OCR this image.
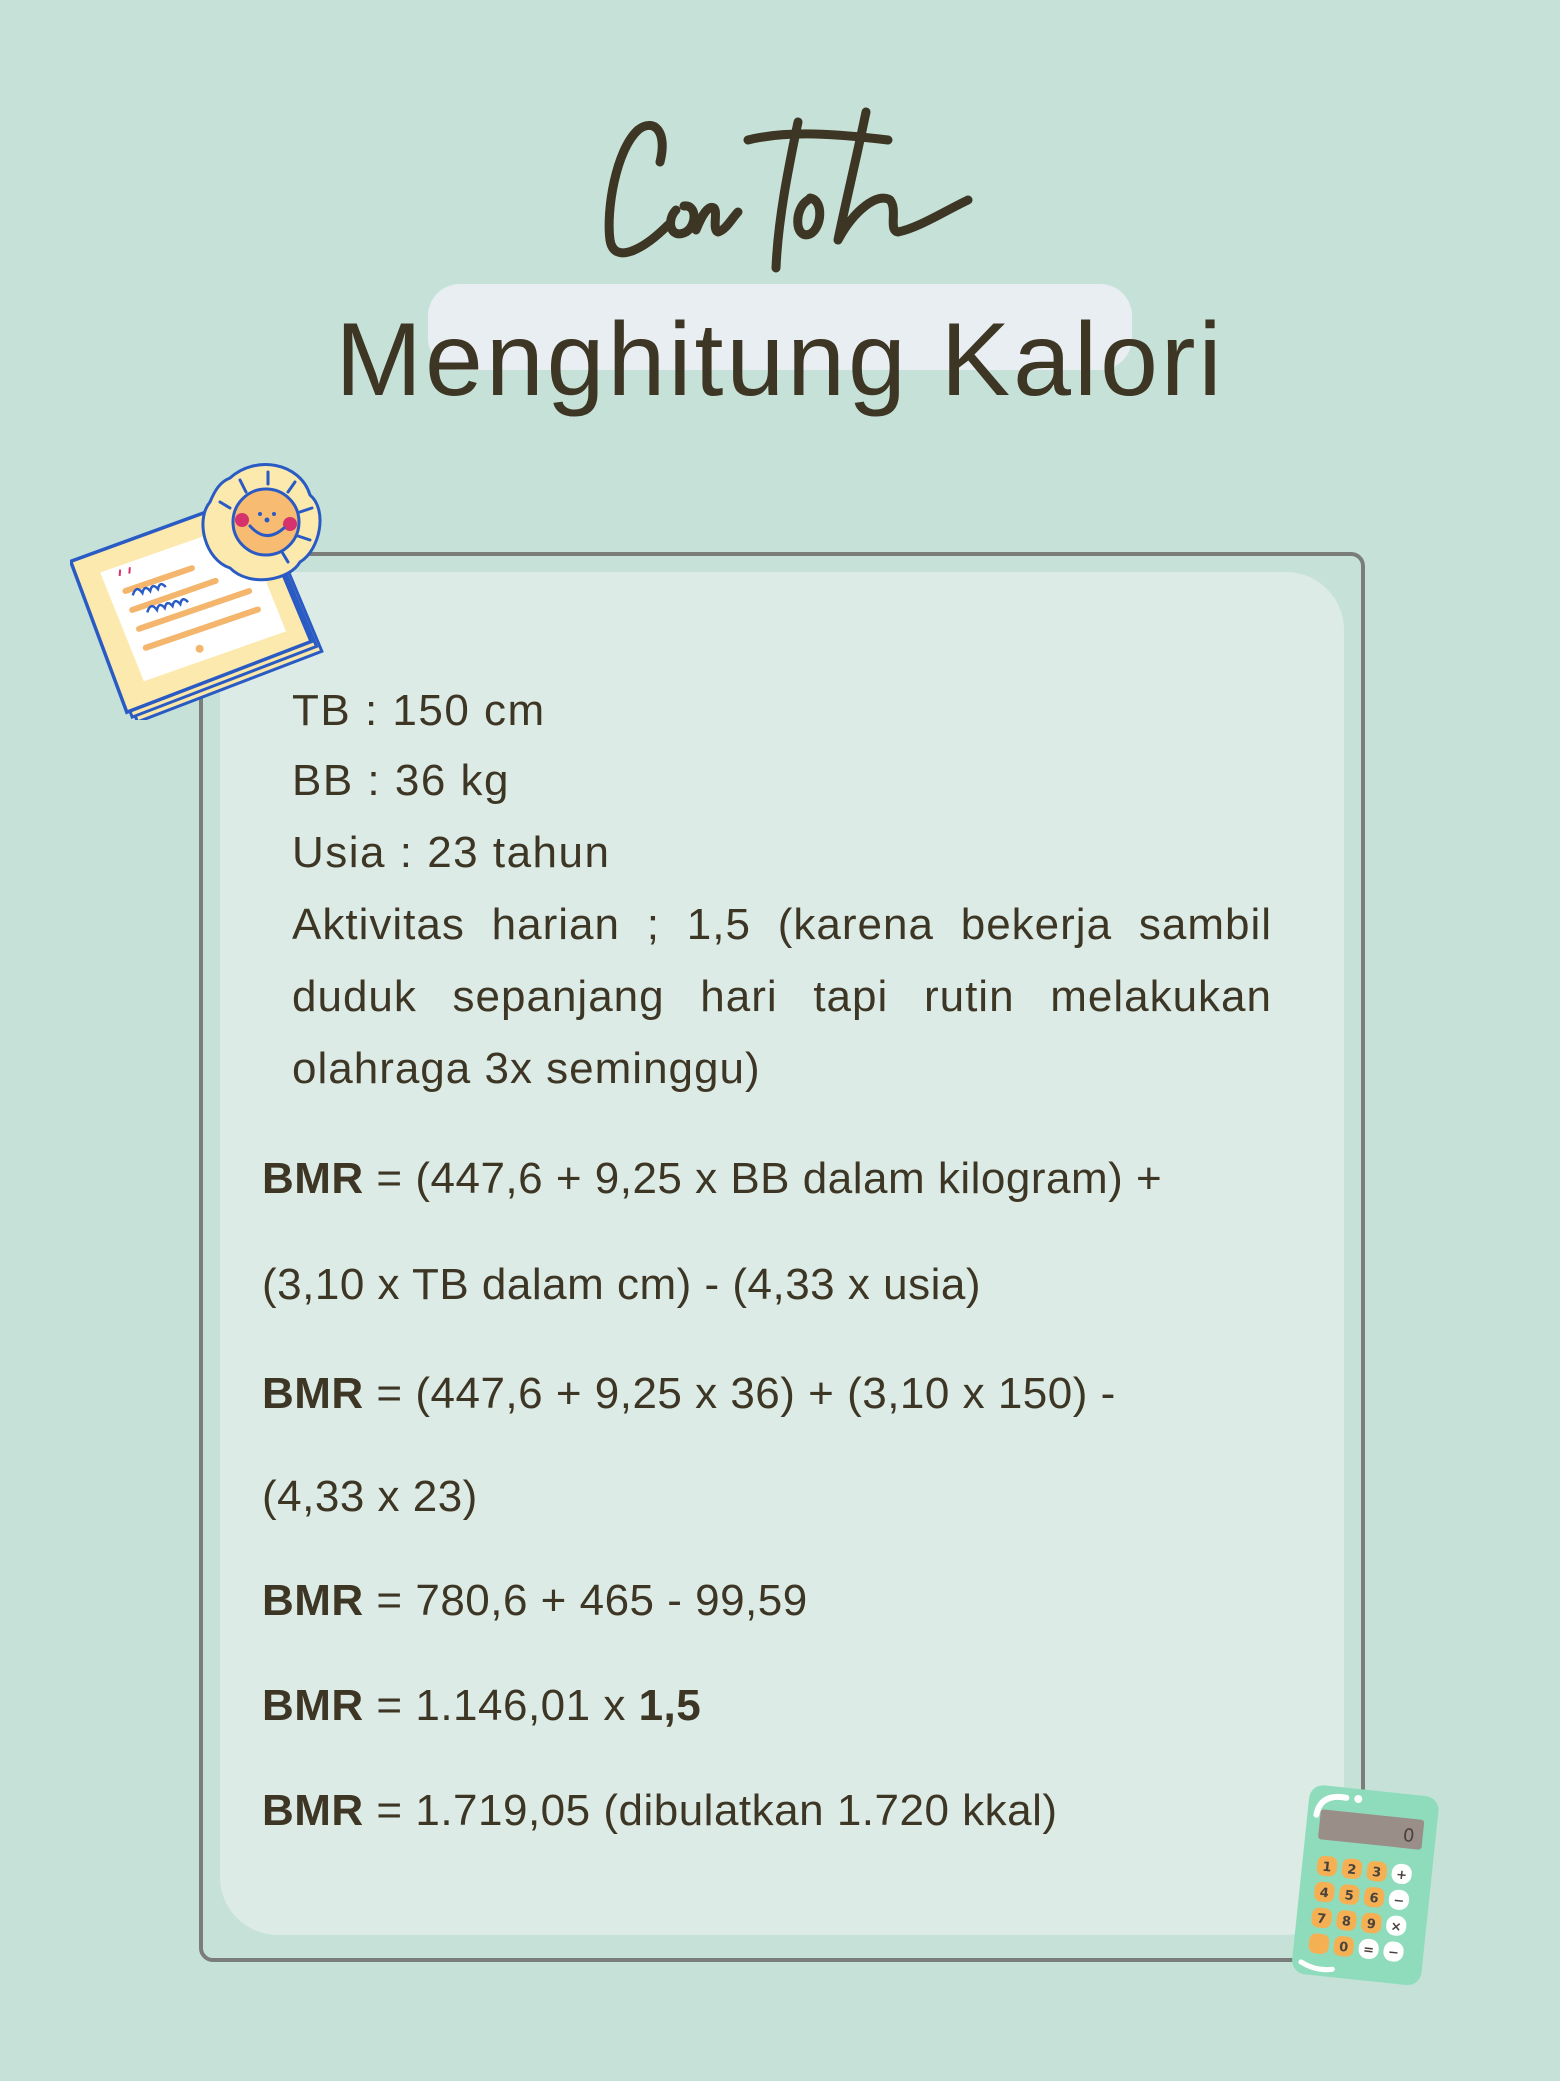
Menghitung Kalori
TB : 150 cm
BB : 36 kg
Usia : 23 tahun
Aktivitas harian ; 1,5 (karena bekerja sambil
duduk sepanjang hari tapi rutin melakukan
olahraga 3x seminggu)
BMR = (447,6 + 9,25 x BB dalam kilogram) +
(3,10 x TB dalam cm) - (4,33 x usia)
BMR = (447,6 + 9,25 x 36) + (3,10 x 150) -
(4,33 x 23)
BMR = 780,6 + 465 - 99,59
BMR = 1.146,01 x 1,5
BMR = 1.719,05 (dibulatkan 1.720 kkal)
0
1 2 3 +
4 5 6 −
7 8 9 ×
0 = −
